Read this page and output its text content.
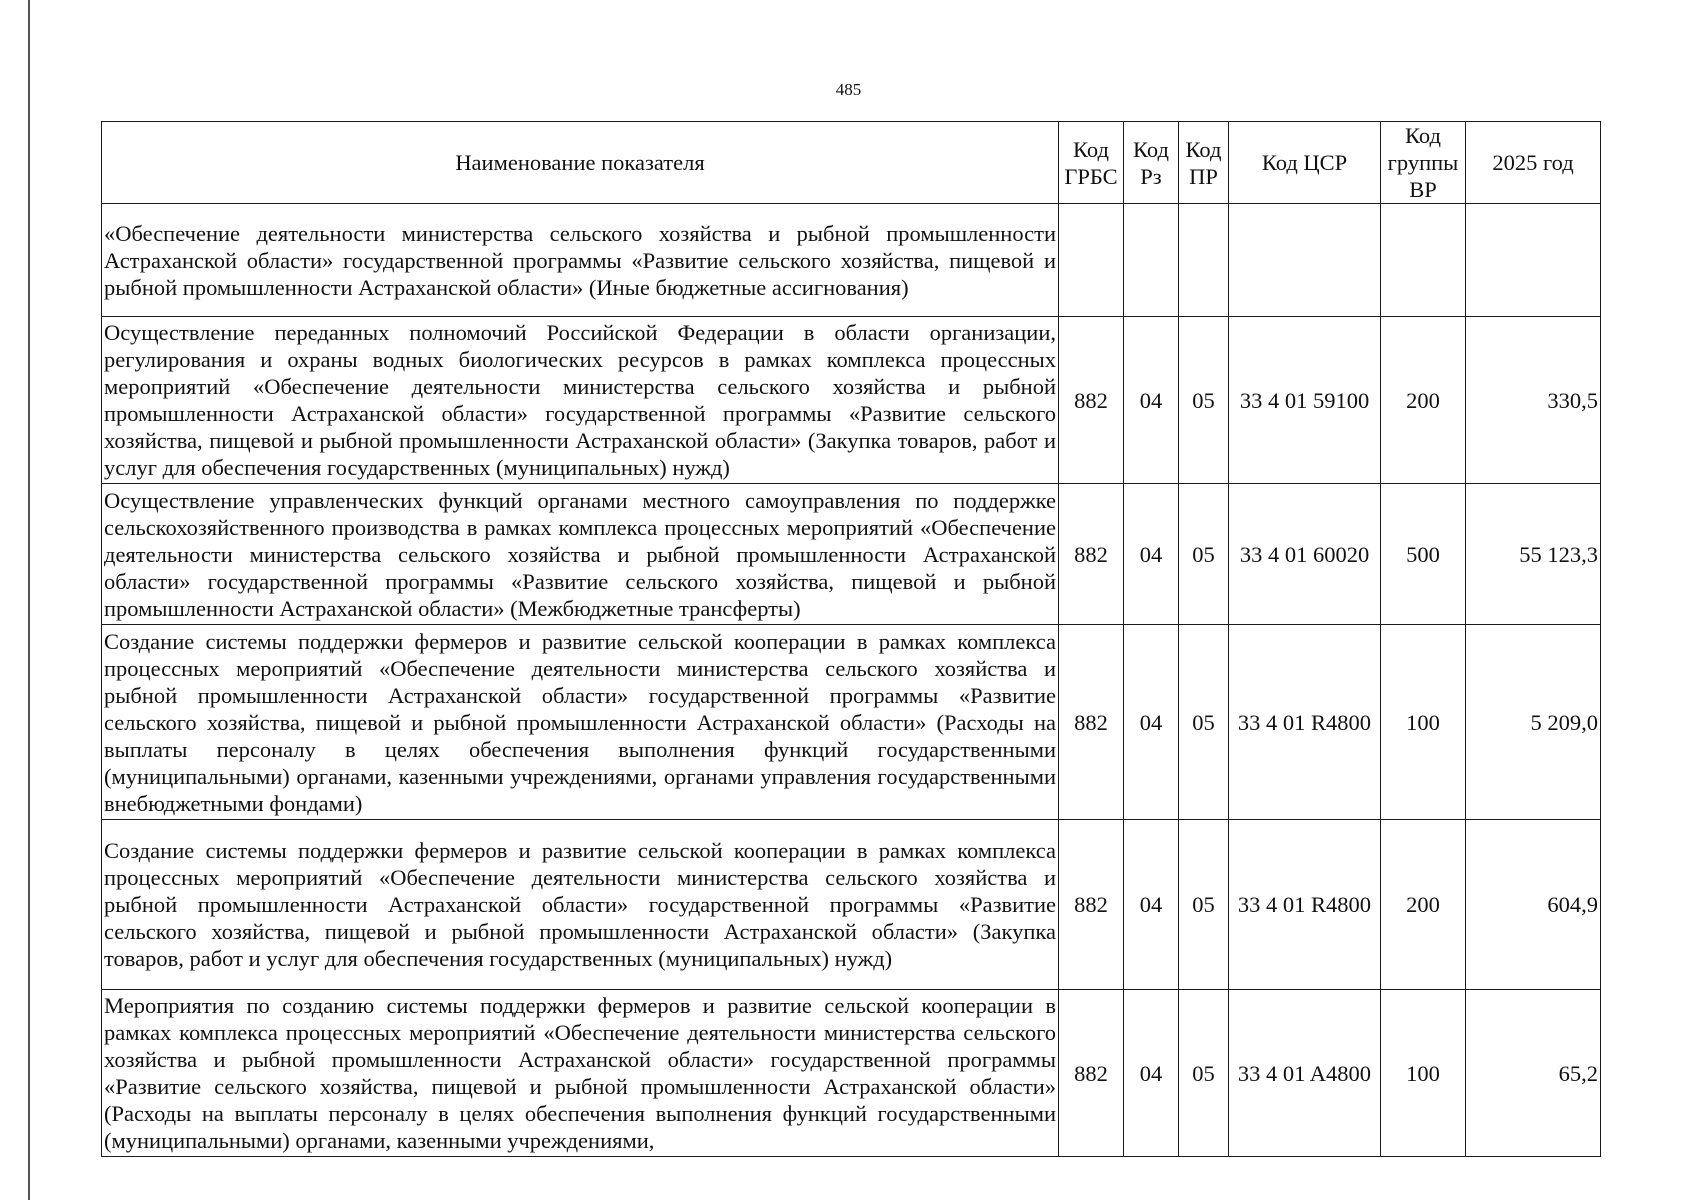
485
Наименование показателя	Код ГРБС	Код Рз	Код ПР	Код ЦСР	Код группы ВР	2025 год
«Обеспечение деятельности министерства сельского хозяйства и рыбной промышленности Астраханской области» государственной программы «Развитие сельского хозяйства, пищевой и рыбной промышленности Астраханской области» (Иные бюджетные ассигнования)						
Осуществление переданных полномочий Российской Федерации в области организации, регулирования и охраны водных биологических ресурсов в рамках комплекса процессных мероприятий «Обеспечение деятельности министерства сельского хозяйства и рыбной промышленности Астраханской области» государственной программы «Развитие сельского хозяйства, пищевой и рыбной промышленности Астраханской области» (Закупка товаров, работ и услуг для обеспечения государственных (муниципальных) нужд)	882	04	05	33 4 01 59100	200	330,5
Осуществление управленческих функций органами местного самоуправления по поддержке сельскохозяйственного производства в рамках комплекса процессных мероприятий «Обеспечение деятельности министерства сельского хозяйства и рыбной промышленности Астраханской области» государственной программы «Развитие сельского хозяйства, пищевой и рыбной промышленности Астраханской области» (Межбюджетные трансферты)	882	04	05	33 4 01 60020	500	55 123,3
Создание системы поддержки фермеров и развитие сельской кооперации в рамках комплекса процессных мероприятий «Обеспечение деятельности министерства сельского хозяйства и рыбной промышленности Астраханской области» государственной программы «Развитие сельского хозяйства, пищевой и рыбной промышленности Астраханской области» (Расходы на выплаты персоналу в целях обеспечения выполнения функций государственными (муниципальными) органами, казенными учреждениями, органами управления государственными внебюджетными фондами)	882	04	05	33 4 01 R4800	100	5 209,0
Создание системы поддержки фермеров и развитие сельской кооперации в рамках комплекса процессных мероприятий «Обеспечение деятельности министерства сельского хозяйства и рыбной промышленности Астраханской области» государственной программы «Развитие сельского хозяйства, пищевой и рыбной промышленности Астраханской области» (Закупка товаров, работ и услуг для обеспечения государственных (муниципальных) нужд)	882	04	05	33 4 01 R4800	200	604,9
Мероприятия по созданию системы поддержки фермеров и развитие сельской кооперации в рамках комплекса процессных мероприятий «Обеспечение деятельности министерства сельского хозяйства и рыбной промышленности Астраханской области» государственной программы «Развитие сельского хозяйства, пищевой и рыбной промышленности Астраханской области» (Расходы на выплаты персоналу в целях обеспечения выполнения функций государственными (муниципальными) органами, казенными учреждениями,	882	04	05	33 4 01 A4800	100	65,2
